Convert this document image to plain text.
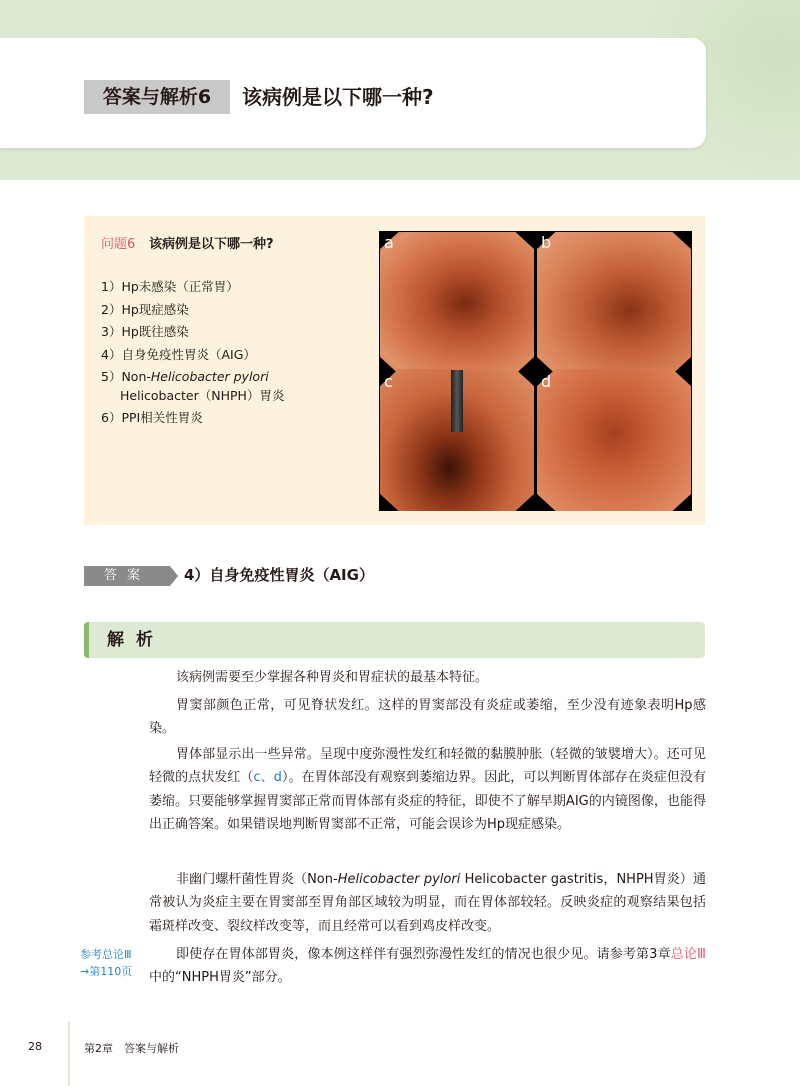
答案与解析6	该病例是以下哪一种?
问题6 该病例是以下哪一种?
1）Hp未感染（正常胃）
2）Hp现症感染
3）Hp既往感染
4）自身免疫性胃炎（AIG）
5）Non-Helicobacter pylori
Helicobacter（NHPH）胃炎
6）PPI相关性胃炎
a	b
c	d
答案	4）自身免疫性胃炎（AIG）
解析
该病例需要至少掌握各种胃炎和胃症状的最基本特征。
胃窦部颜色正常，可见脊状发红。这样的胃窦部没有炎症或萎缩，至少没有迹象表明Hp感染。
胃体部显示出一些异常。呈现中度弥漫性发红和轻微的黏膜肿胀（轻微的皱襞增大）。还可见轻微的点状发红（c、d）。在胃体部没有观察到萎缩边界。因此，可以判断胃体部存在炎症但没有萎缩。只要能够掌握胃窦部正常而胃体部有炎症的特征，即使不了解早期AIG的内镜图像，也能得出正确答案。如果错误地判断胃窦部不正常，可能会误诊为Hp现症感染。
非幽门螺杆菌性胃炎（Non-Helicobacter pylori Helicobacter gastritis，NHPH胃炎）通常被认为炎症主要在胃窦部至胃角部区域较为明显，而在胃体部较轻。反映炎症的观察结果包括霜斑样改变、裂纹样改变等，而且经常可以看到鸡皮样改变。
即使存在胃体部胃炎，像本例这样伴有强烈弥漫性发红的情况也很少见。请参考第3章总论Ⅲ中的“NHPH胃炎”部分。
参考总论Ⅲ
→第110页
28	第2章　答案与解析
